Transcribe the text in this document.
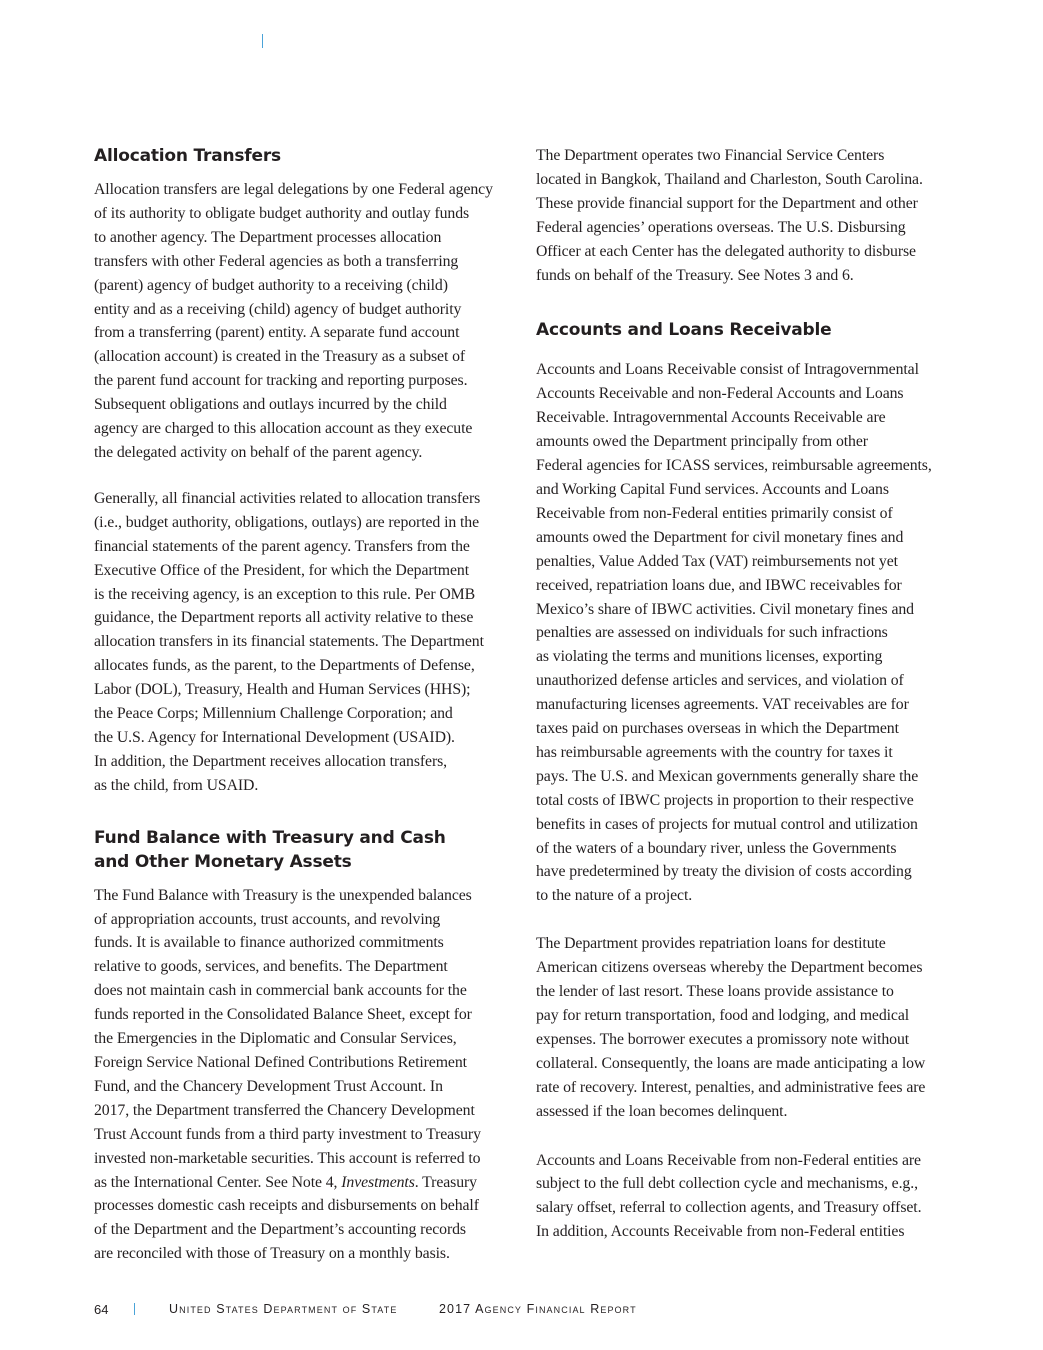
Allocation Transfers

Allocation transfers are legal delegations by one Federal agency
of its authority to obligate budget authority and outlay funds
to another agency. The Department processes allocation
transfers with other Federal agencies as both a transferring
(parent) agency of budget authority to a receiving (child)
entity and as a receiving (child) agency of budget authority
from a transferring (parent) entity. A separate fund account
(allocation account) is created in the Treasury as a subset of
the parent fund account for tracking and reporting purposes.
Subsequent obligations and outlays incurred by the child
agency are charged to this allocation account as they execute
the delegated activity on behalf of the parent agency.

Generally, all financial activities related to allocation transfers
(i.e., budget authority, obligations, outlays) are reported in the
financial statements of the parent agency. Transfers from the
Executive Office of the President, for which the Department
is the receiving agency, is an exception to this rule. Per OMB
guidance, the Department reports all activity relative to these
allocation transfers in its financial statements. The Department
allocates funds, as the parent, to the Departments of Defense,
Labor (DOL), Treasury, Health and Human Services (HHS);
the Peace Corps; Millennium Challenge Corporation; and
the U.S. Agency for International Development (USAID).
In addition, the Department receives allocation transfers,
as the child, from USAID.

Fund Balance with Treasury and Cash
and Other Monetary Assets

The Fund Balance with Treasury is the unexpended balances
of appropriation accounts, trust accounts, and revolving
funds. It is available to finance authorized commitments
relative to goods, services, and benefits. The Department
does not maintain cash in commercial bank accounts for the
funds reported in the Consolidated Balance Sheet, except for
the Emergencies in the Diplomatic and Consular Services,
Foreign Service National Defined Contributions Retirement
Fund, and the Chancery Development Trust Account. In
2017, the Department transferred the Chancery Development
Trust Account funds from a third party investment to Treasury
invested non-marketable securities. This account is referred to
as the International Center. See Note 4, Investments. Treasury
processes domestic cash receipts and disbursements on behalf
of the Department and the Department’s accounting records
are reconciled with those of Treasury on a monthly basis.

The Department operates two Financial Service Centers
located in Bangkok, Thailand and Charleston, South Carolina.
These provide financial support for the Department and other
Federal agencies’ operations overseas. The U.S. Disbursing
Officer at each Center has the delegated authority to disburse
funds on behalf of the Treasury. See Notes 3 and 6.

Accounts and Loans Receivable

Accounts and Loans Receivable consist of Intragovernmental
Accounts Receivable and non-Federal Accounts and Loans
Receivable. Intragovernmental Accounts Receivable are
amounts owed the Department principally from other
Federal agencies for ICASS services, reimbursable agreements,
and Working Capital Fund services. Accounts and Loans
Receivable from non-Federal entities primarily consist of
amounts owed the Department for civil monetary fines and
penalties, Value Added Tax (VAT) reimbursements not yet
received, repatriation loans due, and IBWC receivables for
Mexico’s share of IBWC activities. Civil monetary fines and
penalties are assessed on individuals for such infractions
as violating the terms and munitions licenses, exporting
unauthorized defense articles and services, and violation of
manufacturing licenses agreements. VAT receivables are for
taxes paid on purchases overseas in which the Department
has reimbursable agreements with the country for taxes it
pays. The U.S. and Mexican governments generally share the
total costs of IBWC projects in proportion to their respective
benefits in cases of projects for mutual control and utilization
of the waters of a boundary river, unless the Governments
have predetermined by treaty the division of costs according
to the nature of a project.

The Department provides repatriation loans for destitute
American citizens overseas whereby the Department becomes
the lender of last resort. These loans provide assistance to
pay for return transportation, food and lodging, and medical
expenses. The borrower executes a promissory note without
collateral. Consequently, the loans are made anticipating a low
rate of recovery. Interest, penalties, and administrative fees are
assessed if the loan becomes delinquent.

Accounts and Loans Receivable from non-Federal entities are
subject to the full debt collection cycle and mechanisms, e.g.,
salary offset, referral to collection agents, and Treasury offset.
In addition, Accounts Receivable from non-Federal entities

64	United States Department of State	2017 Agency Financial Report
